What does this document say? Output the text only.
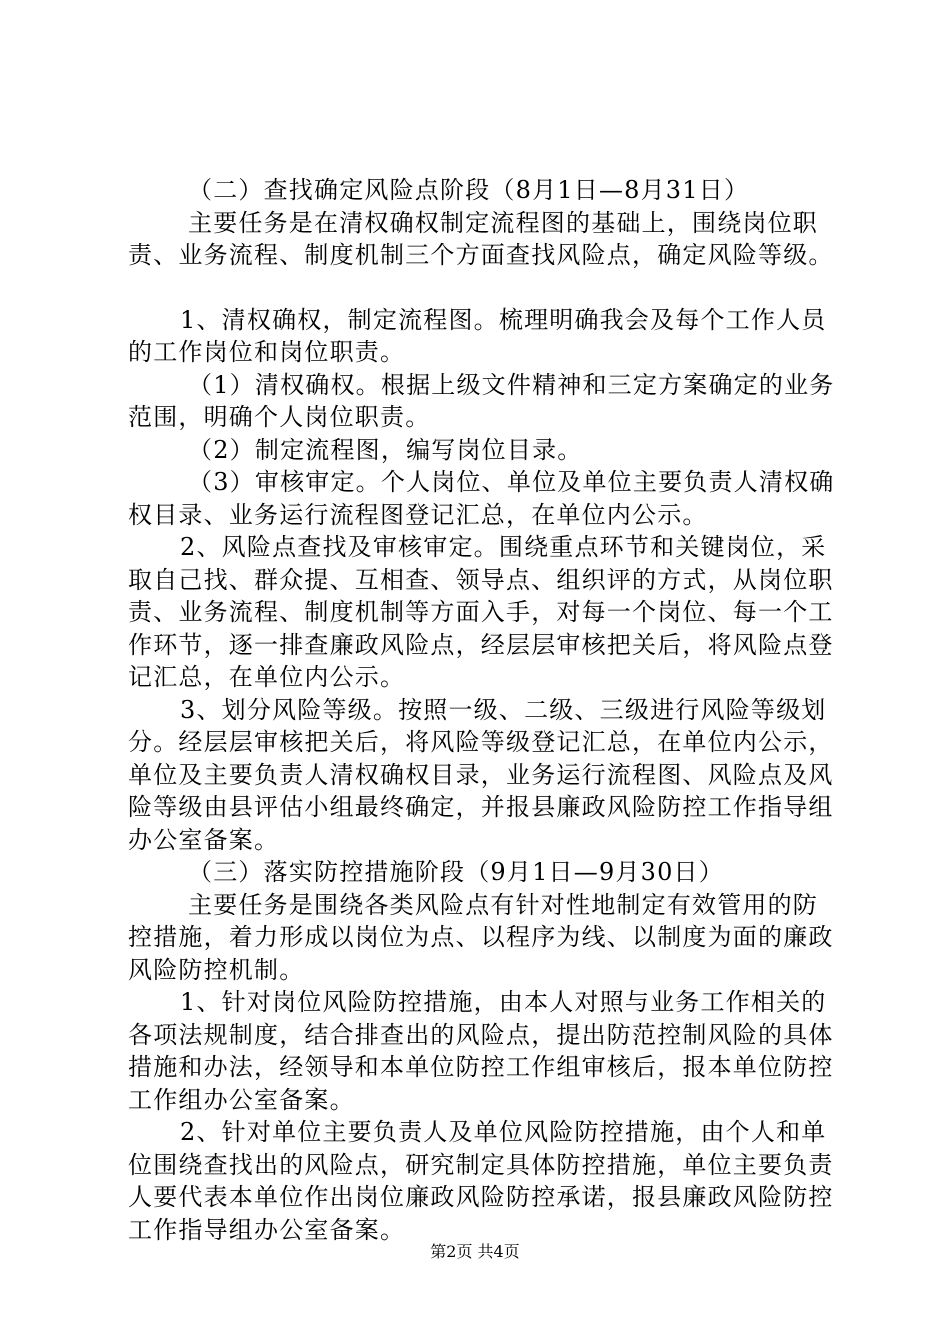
（二）查找确定风险点阶段（8月1日—8月31日）

主要任务是在清权确权制定流程图的基础上，围绕岗位职责、业务流程、制度机制三个方面查找风险点，确定风险等级。

1、清权确权，制定流程图。梳理明确我会及每个工作人员的工作岗位和岗位职责。

（1）清权确权。根据上级文件精神和三定方案确定的业务范围，明确个人岗位职责。

（2）制定流程图，编写岗位目录。

（3）审核审定。个人岗位、单位及单位主要负责人清权确权目录、业务运行流程图登记汇总，在单位内公示。

2、风险点查找及审核审定。围绕重点环节和关键岗位，采取自己找、群众提、互相查、领导点、组织评的方式，从岗位职责、业务流程、制度机制等方面入手，对每一个岗位、每一个工作环节，逐一排查廉政风险点，经层层审核把关后，将风险点登记汇总，在单位内公示。

3、划分风险等级。按照一级、二级、三级进行风险等级划分。经层层审核把关后，将风险等级登记汇总，在单位内公示，单位及主要负责人清权确权目录，业务运行流程图、风险点及风险等级由县评估小组最终确定，并报县廉政风险防控工作指导组办公室备案。

（三）落实防控措施阶段（9月1日—9月30日）

主要任务是围绕各类风险点有针对性地制定有效管用的防控措施，着力形成以岗位为点、以程序为线、以制度为面的廉政风险防控机制。

1、针对岗位风险防控措施，由本人对照与业务工作相关的各项法规制度，结合排查出的风险点，提出防范控制风险的具体措施和办法，经领导和本单位防控工作组审核后，报本单位防控工作组办公室备案。

2、针对单位主要负责人及单位风险防控措施，由个人和单位围绕查找出的风险点，研究制定具体防控措施，单位主要负责人要代表本单位作出岗位廉政风险防控承诺，报县廉政风险防控工作指导组办公室备案。

第2页 共4页
